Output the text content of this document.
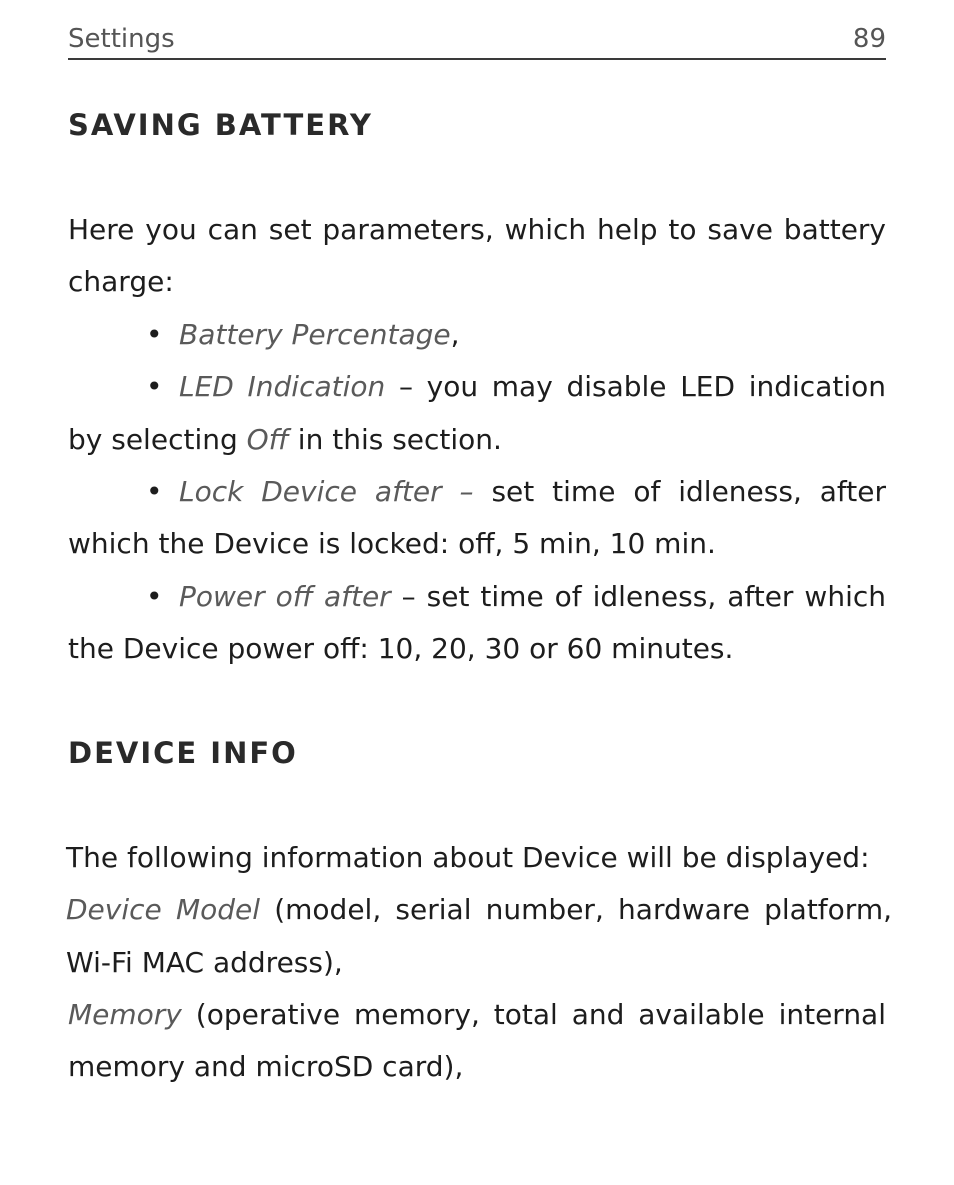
Settings	89
SAVING BATTERY
Here you can set parameters, which help to save battery
charge:
• Battery Percentage,
• LED Indication – you may disable LED indication
by selecting Off in this section.
• Lock Device after – set time of idleness, after
which the Device is locked: off, 5 min, 10 min.
• Power off after – set time of idleness, after which
the Device power off: 10, 20, 30 or 60 minutes.
DEVICE INFO
The following information about Device will be displayed:
Device Model (model, serial number, hardware platform,
Wi-Fi MAC address),
Memory (operative memory, total and available internal
memory and microSD card),
